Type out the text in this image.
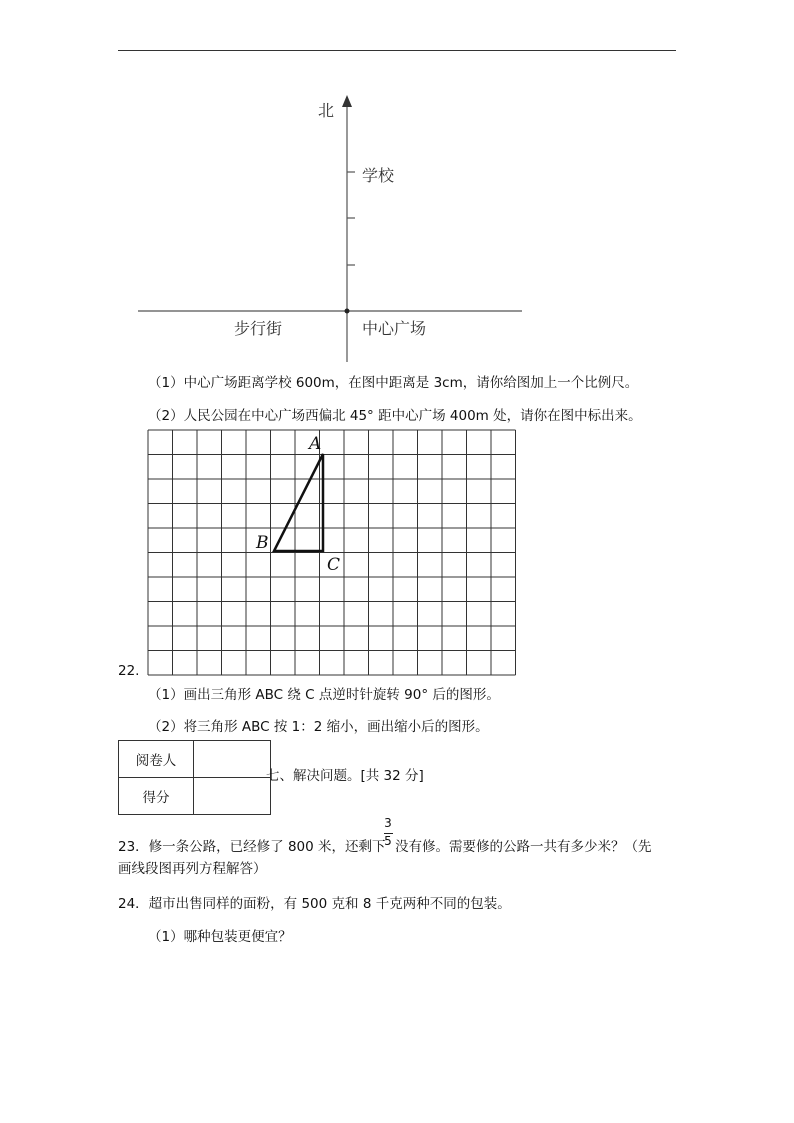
北
学校
步行街	中心广场
（1）中心广场距离学校 600m，在图中距离是 3cm，请你给图加上一个比例尺。
（2）人民公园在中心广场西偏北 45° 距中心广场 400m 处，请你在图中标出来。
A
B
C
22.
（1）画出三角形 ABC 绕 C 点逆时针旋转 90° 后的图形。
（2）将三角形 ABC 按 1：2 缩小，画出缩小后的图形。
阅卷人	
得分	
七、解决问题。[共 32 分]
23．修一条公路，已经修了 800 米，还剩下
3
5 没有修。需要修的公路一共有多少米？（先
画线段图再列方程解答）
24．超市出售同样的面粉，有 500 克和 8 千克两种不同的包装。
（1）哪种包装更便宜？
